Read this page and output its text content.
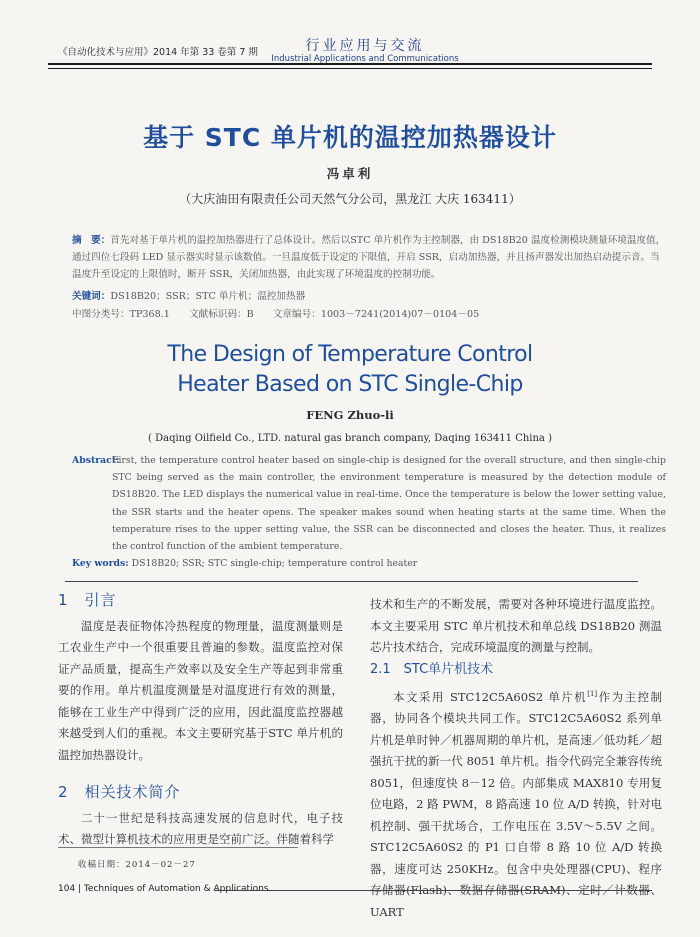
《自动化技术与应用》2014 年第 33 卷第 7 期	行业应用与交流
Industrial Applications and Communications
基于 STC 单片机的温控加热器设计
冯卓利
（大庆油田有限责任公司天然气分公司，黑龙江 大庆 163411）
摘　要：首先对基于单片机的温控加热器进行了总体设计。然后以STC 单片机作为主控制器，由 DS18B20 温度检测模块测量环境温度值，通过四位七段码 LED 显示器实时显示该数值。一旦温度低于设定的下限值，开启 SSR，启动加热器，并且扬声器发出加热启动提示音。当温度升至设定的上限值时，断开 SSR，关闭加热器，由此实现了环境温度的控制功能。
关键词：DS18B20；SSR；STC 单片机；温控加热器
中图分类号：TP368.1　　文献标识码：B　　文章编号：1003－7241(2014)07－0104－05
The Design of Temperature Control
Heater Based on STC Single-Chip
FENG Zhuo-li
( Daqing Oilfield Co., LTD. natural gas branch company, Daqing 163411 China )
Abstract:
First, the temperature control heater based on single-chip is designed for the overall structure, and then single-chip STC being served as the main controller, the environment temperature is measured by the detection module of DS18B20. The LED displays the numerical value in real-time. Once the temperature is below the lower setting value, the SSR starts and the heater opens. The speaker makes sound when heating starts at the same time. When the temperature rises to the upper setting value, the SSR can be disconnected and closes the heater. Thus, it realizes the control function of the ambient temperature.
Key words: DS18B20; SSR; STC single-chip; temperature control heater
1　引言

温度是表征物体冷热程度的物理量，温度测量则是工农业生产中一个很重要且普遍的参数。温度监控对保证产品质量，提高生产效率以及安全生产等起到非常重要的作用。单片机温度测量是对温度进行有效的测量，能够在工业生产中得到广泛的应用，因此温度监控器越来越受到人们的重视。本文主要研究基于STC 单片机的温控加热器设计。

2　相关技术简介

二十一世纪是科技高速发展的信息时代，电子技术、微型计算机技术的应用更是空前广泛。伴随着科学

收稿日期：2014－02－27

技术和生产的不断发展，需要对各种环境进行温度监控。本文主要采用 STC 单片机技术和单总线 DS18B20 测温芯片技术结合，完成环境温度的测量与控制。

2.1　STC单片机技术

本文采用 STC12C5A60S2 单片机[1]作为主控制器，协同各个模块共同工作。STC12C5A60S2 系列单片机是单时钟／机器周期的单片机，是高速／低功耗／超强抗干扰的新一代 8051 单片机。指令代码完全兼容传统 8051，但速度快 8－12 倍。内部集成 MAX810 专用复位电路，2 路 PWM，8 路高速 10 位 A/D 转换，针对电机控制、强干扰场合，工作电压在 3.5V～5.5V 之间。STC12C5A60S2 的 P1 口自带 8 路 10 位 A/D 转换器，速度可达 250KHz。包含中央处理器(CPU)、程序存储器(Flash)、数据存储器(SRAM)、定时／计数器、UART

104 | Techniques of Automation & Applications
